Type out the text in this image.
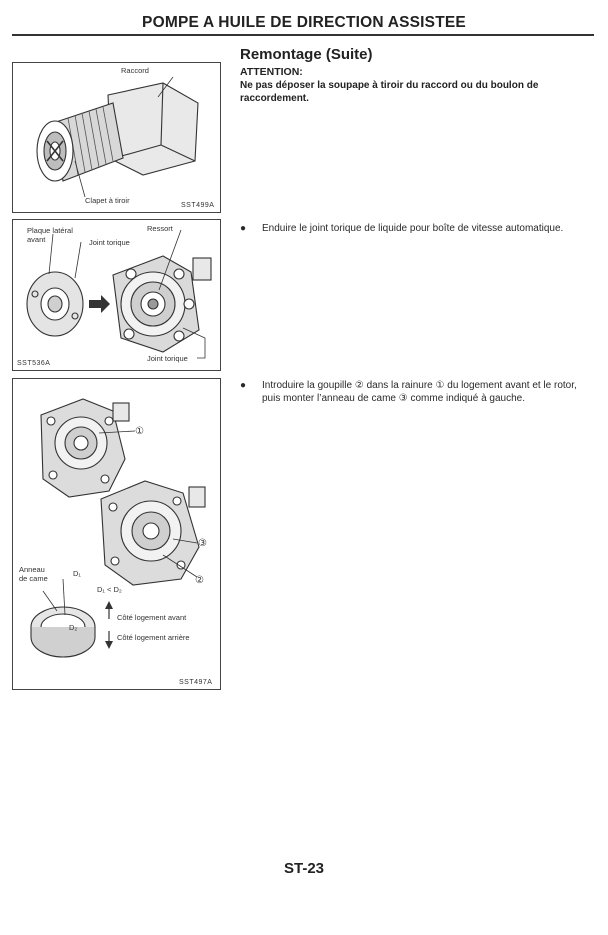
POMPE A HUILE DE DIRECTION ASSISTEE
Raccord
Clapet à tiroir
SST499A
Plaque latéral
avant	Joint torique
Ressort
Joint torique
SST536A
①
③
②
Anneau
de came
D₁
D₁ < D₂
D₂
Côté logement avant
Côté logement arrière
SST497A
Remontage (Suite)
ATTENTION:
Ne pas déposer la soupape à tiroir du raccord ou du boulon de raccordement.
● Enduire le joint torique de liquide pour boîte de vitesse automatique.
● Introduire la goupille ② dans la rainure ① du logement avant et le rotor, puis monter l’anneau de came ③ comme indiqué à gauche.
ST-23
